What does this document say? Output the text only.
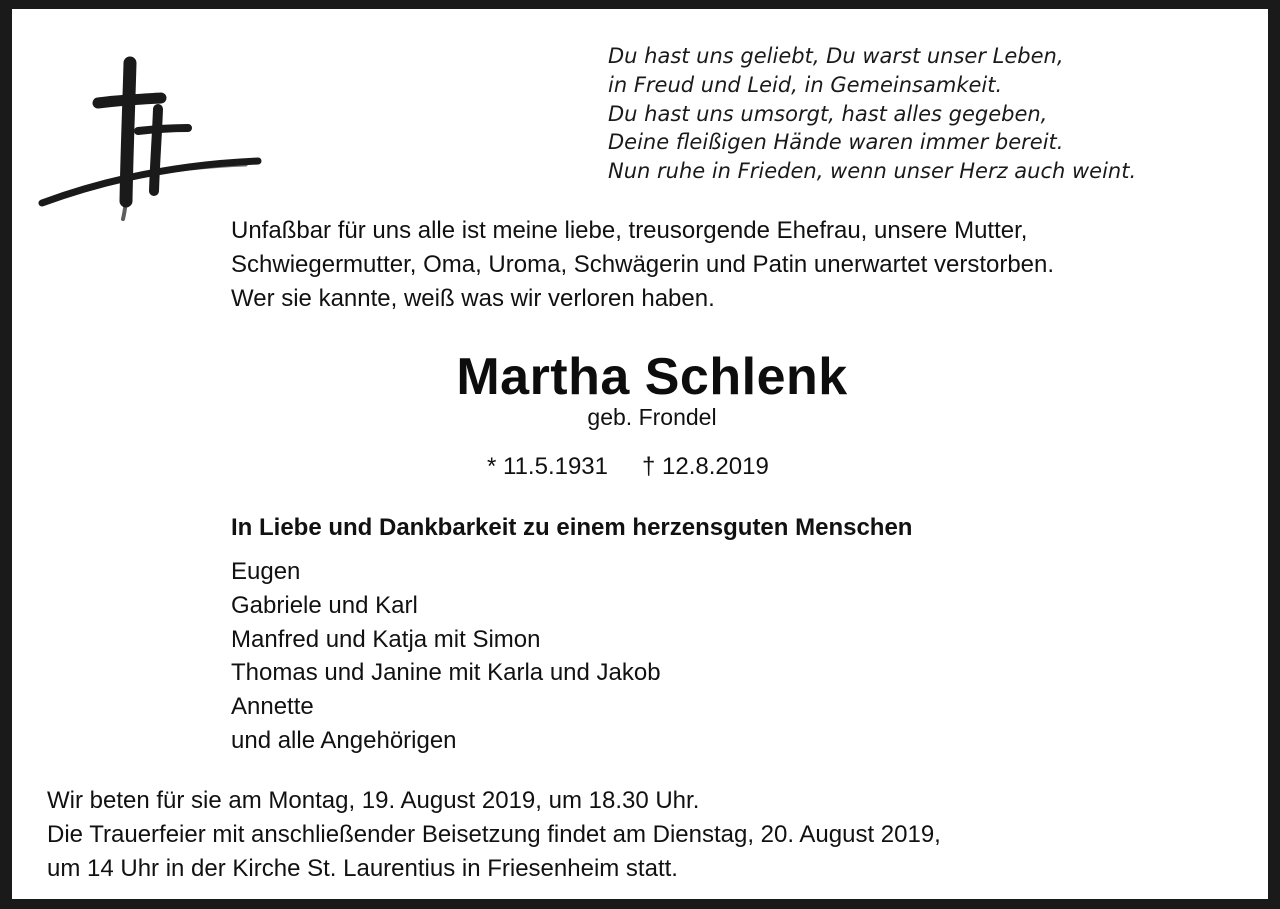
Du hast uns geliebt, Du warst unser Leben,
in Freud und Leid, in Gemeinsamkeit.
Du hast uns umsorgt, hast alles gegeben,
Deine fleißigen Hände waren immer bereit.
Nun ruhe in Frieden, wenn unser Herz auch weint.
Unfaßbar für uns alle ist meine liebe, treusorgende Ehefrau, unsere Mutter,
Schwiegermutter, Oma, Uroma, Schwägerin und Patin unerwartet verstorben.
Wer sie kannte, weiß was wir verloren haben.
Martha Schlenk
geb. Frondel
* 11.5.1931 † 12.8.2019
In Liebe und Dankbarkeit zu einem herzensguten Menschen
Eugen
Gabriele und Karl
Manfred und Katja mit Simon
Thomas und Janine mit Karla und Jakob
Annette
und alle Angehörigen
Wir beten für sie am Montag, 19. August 2019, um 18.30 Uhr.
Die Trauerfeier mit anschließender Beisetzung findet am Dienstag, 20. August 2019,
um 14 Uhr in der Kirche St. Laurentius in Friesenheim statt.
